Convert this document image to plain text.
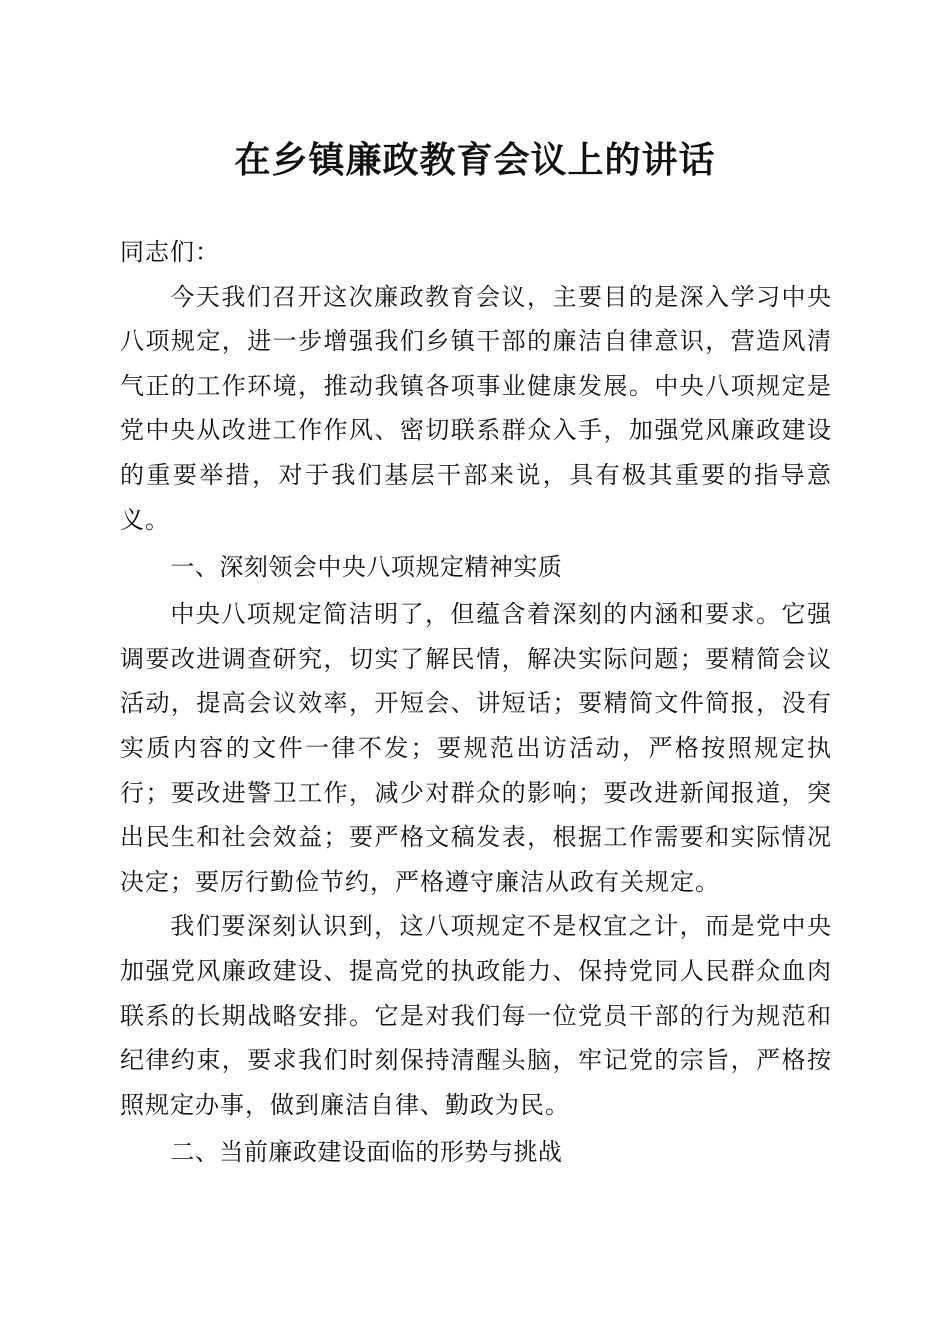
在乡镇廉政教育会议上的讲话

同志们：

今天我们召开这次廉政教育会议，主要目的是深入学习中央八项规定，进一步增强我们乡镇干部的廉洁自律意识，营造风清气正的工作环境，推动我镇各项事业健康发展。中央八项规定是党中央从改进工作作风、密切联系群众入手，加强党风廉政建设的重要举措，对于我们基层干部来说，具有极其重要的指导意义。

一、深刻领会中央八项规定精神实质

中央八项规定简洁明了，但蕴含着深刻的内涵和要求。它强调要改进调查研究，切实了解民情，解决实际问题；要精简会议活动，提高会议效率，开短会、讲短话；要精简文件简报，没有实质内容的文件一律不发；要规范出访活动，严格按照规定执行；要改进警卫工作，减少对群众的影响；要改进新闻报道，突出民生和社会效益；要严格文稿发表，根据工作需要和实际情况决定；要厉行勤俭节约，严格遵守廉洁从政有关规定。

我们要深刻认识到，这八项规定不是权宜之计，而是党中央加强党风廉政建设、提高党的执政能力、保持党同人民群众血肉联系的长期战略安排。它是对我们每一位党员干部的行为规范和纪律约束，要求我们时刻保持清醒头脑，牢记党的宗旨，严格按照规定办事，做到廉洁自律、勤政为民。

二、当前廉政建设面临的形势与挑战
